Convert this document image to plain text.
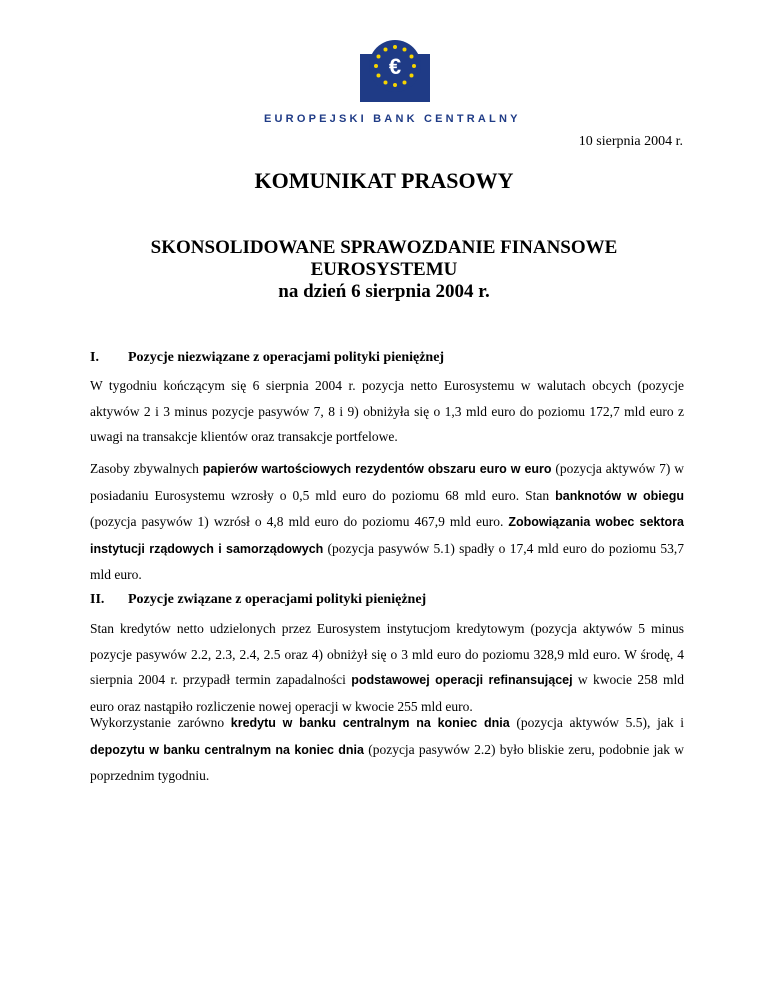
€
EUROPEJSKI BANK CENTRALNY
10 sierpnia 2004 r.
KOMUNIKAT PRASOWY
SKONSOLIDOWANE SPRAWOZDANIE FINANSOWE
EUROSYSTEMU
na dzień 6 sierpnia 2004 r.
I. Pozycje niezwiązane z operacjami polityki pieniężnej
W tygodniu kończącym się 6 sierpnia 2004 r. pozycja netto Eurosystemu w walutach obcych (pozycje aktywów 2 i 3 minus pozycje pasywów 7, 8 i 9) obniżyła się o 1,3 mld euro do poziomu 172,7 mld euro z uwagi na transakcje klientów oraz transakcje portfelowe.
Zasoby zbywalnych papierów wartościowych rezydentów obszaru euro w euro (pozycja aktywów 7) w posiadaniu Eurosystemu wzrosły o 0,5 mld euro do poziomu 68 mld euro. Stan banknotów w obiegu (pozycja pasywów 1) wzrósł o 4,8 mld euro do poziomu 467,9 mld euro. Zobowiązania wobec sektora instytucji rządowych i samorządowych (pozycja pasywów 5.1) spadły o 17,4 mld euro do poziomu 53,7 mld euro.
II. Pozycje związane z operacjami polityki pieniężnej
Stan kredytów netto udzielonych przez Eurosystem instytucjom kredytowym (pozycja aktywów 5 minus pozycje pasywów 2.2, 2.3, 2.4, 2.5 oraz 4) obniżył się o 3 mld euro do poziomu 328,9 mld euro. W środę, 4 sierpnia 2004 r. przypadł termin zapadalności podstawowej operacji refinansującej w kwocie 258 mld euro oraz nastąpiło rozliczenie nowej operacji w kwocie 255 mld euro.
Wykorzystanie zarówno kredytu w banku centralnym na koniec dnia (pozycja aktywów 5.5), jak i depozytu w banku centralnym na koniec dnia (pozycja pasywów 2.2) było bliskie zeru, podobnie jak w poprzednim tygodniu.
